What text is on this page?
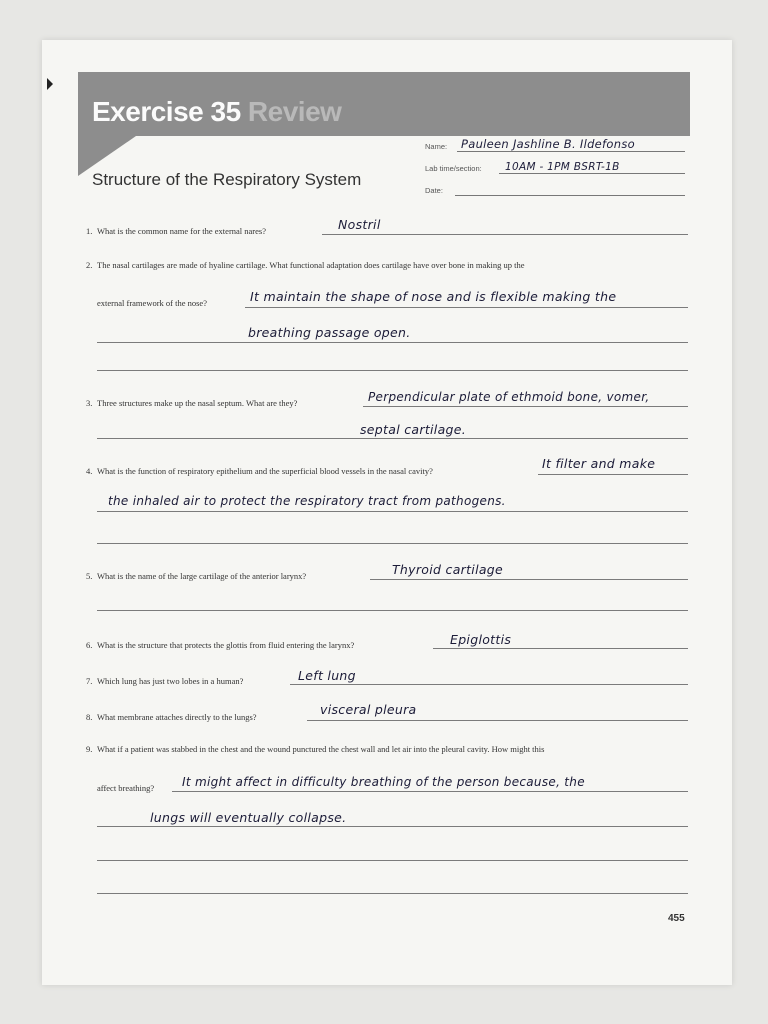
Exercise 35 Review
Structure of the Respiratory System
Name: Pauleen Jashline B. Ildefonso
Lab time/section: 10AM - 1PM BSRT-1B
Date:
1. What is the common name for the external nares?	Nostril
2. The nasal cartilages are made of hyaline cartilage. What functional adaptation does cartilage have over bone in making up the
external framework of the nose?	It maintain the shape of nose and is flexible making the
breathing passage open.
3. Three structures make up the nasal septum. What are they?	Perpendicular plate of ethmoid bone, vomer,
septal cartilage.
4. What is the function of respiratory epithelium and the superficial blood vessels in the nasal cavity?	It filter and make
the inhaled air to protect the respiratory tract from pathogens.
5. What is the name of the large cartilage of the anterior larynx?	Thyroid cartilage
6. What is the structure that protects the glottis from fluid entering the larynx?	Epiglottis
7. Which lung has just two lobes in a human?	Left lung
8. What membrane attaches directly to the lungs?	visceral pleura
9. What if a patient was stabbed in the chest and the wound punctured the chest wall and let air into the pleural cavity. How might this
affect breathing? It might affect in difficulty breathing of the person because, the
lungs will eventually collapse.
455
